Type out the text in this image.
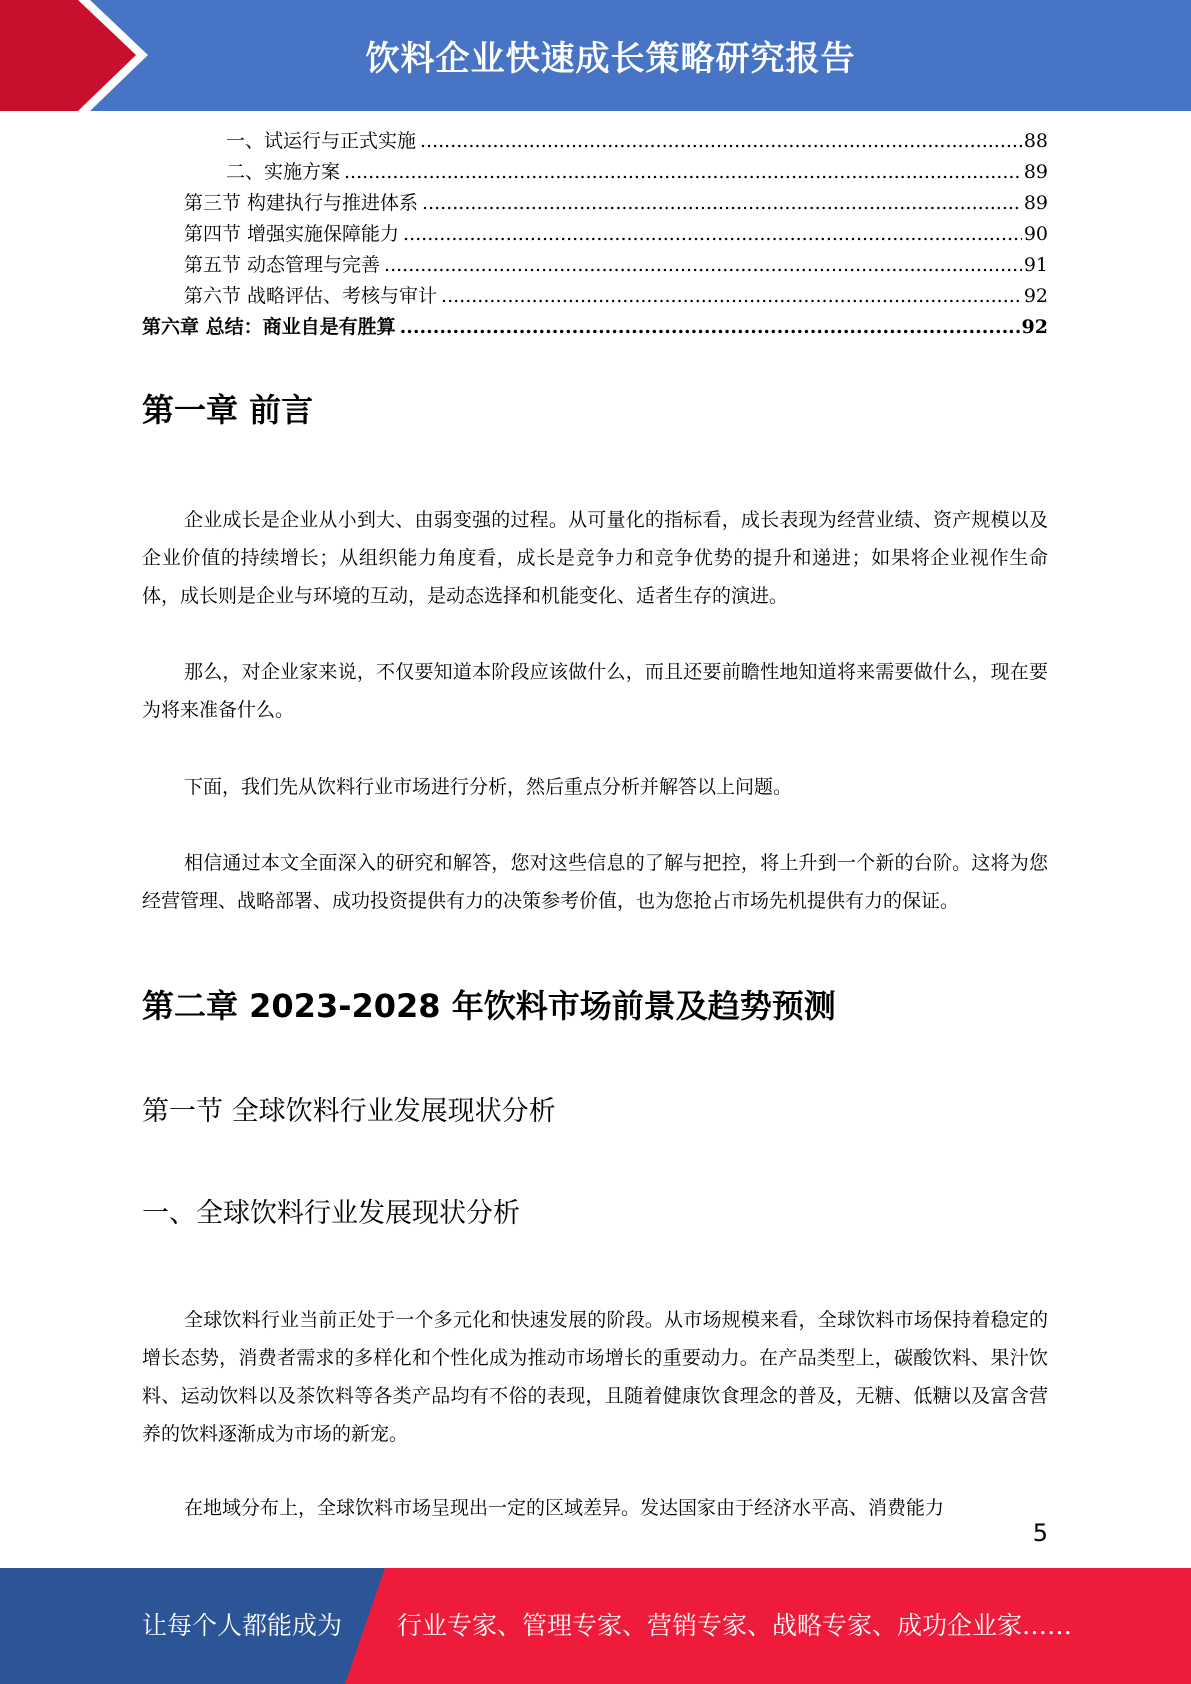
饮料企业快速成长策略研究报告
一、试运行与正式实施 .....	88
二、实施方案 .....	89
第三节 构建执行与推进体系 .....	89
第四节 增强实施保障能力 .....	90
第五节 动态管理与完善 .....	91
第六节 战略评估、考核与审计 .....	92
第六章 总结：商业自是有胜算 .....	92
第一章 前言

企业成长是企业从小到大、由弱变强的过程。从可量化的指标看，成长表现为经营业绩、资产规模以及企业价值的持续增长；从组织能力角度看，成长是竞争力和竞争优势的提升和递进；如果将企业视作生命体，成长则是企业与环境的互动，是动态选择和机能变化、适者生存的演进。

那么，对企业家来说，不仅要知道本阶段应该做什么，而且还要前瞻性地知道将来需要做什么，现在要为将来准备什么。

下面，我们先从饮料行业市场进行分析，然后重点分析并解答以上问题。

相信通过本文全面深入的研究和解答，您对这些信息的了解与把控，将上升到一个新的台阶。这将为您经营管理、战略部署、成功投资提供有力的决策参考价值，也为您抢占市场先机提供有力的保证。

第二章 2023-2028 年饮料市场前景及趋势预测
第一节 全球饮料行业发展现状分析
一、全球饮料行业发展现状分析

全球饮料行业当前正处于一个多元化和快速发展的阶段。从市场规模来看，全球饮料市场保持着稳定的增长态势，消费者需求的多样化和个性化成为推动市场增长的重要动力。在产品类型上，碳酸饮料、果汁饮料、运动饮料以及茶饮料等各类产品均有不俗的表现，且随着健康饮食理念的普及，无糖、低糖以及富含营养的饮料逐渐成为市场的新宠。

在地域分布上，全球饮料市场呈现出一定的区域差异。发达国家由于经济水平高、消费能力

5
让每个人都能成为 行业专家、管理专家、营销专家、战略专家、成功企业家……
